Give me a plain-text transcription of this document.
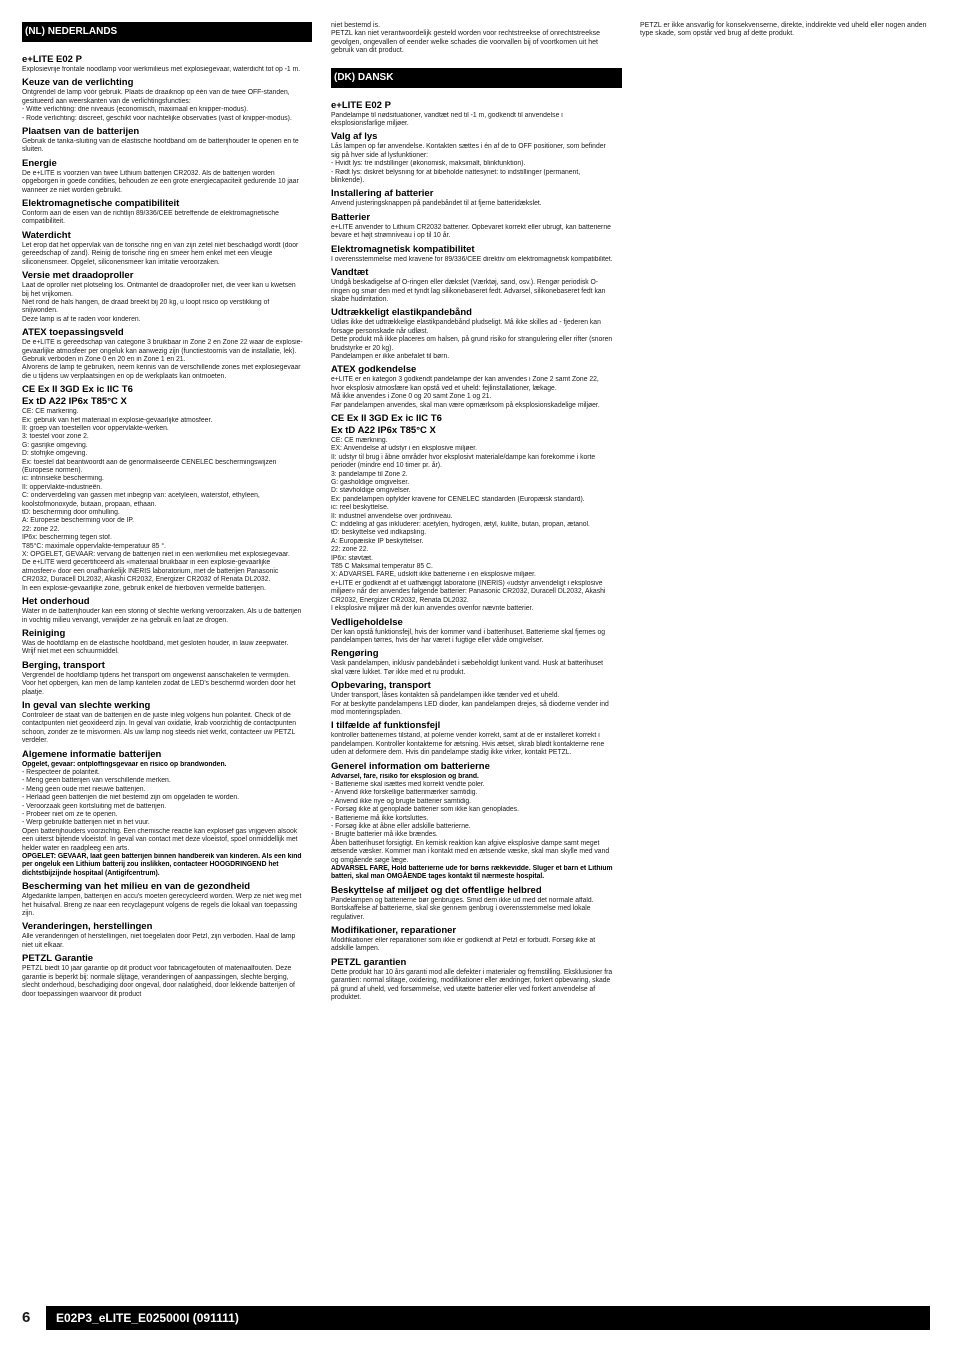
(NL) NEDERLANDS
e+LITE E02 P

Explosievrije frontale noodlamp voor werkmilieus met explosiegevaar, waterdicht tot op -1 m.

Keuze van de verlichting

Ontgrendel de lamp vóór gebruik. Plaats de draaiknop op één van de twee OFF-standen, gesitueerd aan weerskanten van de verlichtingsfuncties:

- Witte verlichting: drie niveaus (economisch, maximaal en knipper-modus).

- Rode verlichting: discreet, geschikt voor nachtelijke observaties (vast of knipper-modus).

Plaatsen van de batterijen

Gebruik de tanka-sluiting van de elastische hoofdband om de batterijhouder te openen en te sluiten.

Energie

De e+LITE is voorzien van twee Lithium batterijen CR2032. Als de batterijen worden opgeborgen in goede condities, behouden ze een grote energiecapaciteit gedurende 10 jaar wanneer ze niet worden gebruikt.

Elektromagnetische compatibiliteit

Conform aan de eisen van de richtlijn 89/336/CEE betreffende de elektromagnetische compatibiliteit.

Waterdicht

Let erop dat het oppervlak van de torische ring en van zijn zetel niet beschadigd wordt (door gereedschap of zand). Reinig de torische ring en smeer hem enkel met een vleugje siliconensmeer. Opgelet, siliconensmeer kan irritatie veroorzaken.

Versie met draadoproller

Laat de oproller niet plotseling los. Ontmantel de draadoproller niet, die veer kan u kwetsen bij het vrijkomen.

Niet rond de hals hangen, de draad breekt bij 20 kg, u loopt risico op verstikking of snijwonden.

Deze lamp is af te raden voor kinderen.

ATEX toepassingsveld

De e+LITE is gereedschap van categorie 3 bruikbaar in Zone 2 en Zone 22 waar de explosie-gevaarlijke atmosfeer per ongeluk kan aanwezig zijn (functiestoornis van de installatie, lek).

Gebruik verboden in Zone 0 en 20 en in Zone 1 en 21.

Alvorens de lamp te gebruiken, neem kennis van de verschillende zones met explosiegevaar die u tijdens uw verplaatsingen en op de werkplaats kan ontmoeten.

CE Ex II 3GD Ex ic IIC T6
Ex tD A22 IP6x T85°C X

CE: CE markering.

Ex: gebruik van het materiaal in explosie-gevaarlijke atmosfeer.

II: groep van toestellen voor oppervlakte-werken.

3: toestel voor zone 2.

G: gasrijke omgeving.

D: stofrijke omgeving.

Ex: toestel dat beantwoordt aan de genormaliseerde CENELEC beschermingswijzen (Europese normen).

ic: intrinsieke bescherming.

II: oppervlakte-industrieën.

C: onderverdeling van gassen met inbegrip van: acetyleen, waterstof, ethyleen, koolstofmonoxyde, butaan, propaan, ethaan.

tD: bescherming door omhulling.

A: Europese bescherming voor de IP.

22: zone 22.

IP6x: bescherming tegen stof.

T85°C: maximale oppervlakte-temperatuur 85 °.

X: OPGELET, GEVAAR: vervang de batterijen niet in een werkmilieu met explosiegevaar.

De e+LITE werd gecertificeerd als «materiaal bruikbaar in een explosie-gevaarlijke atmosfeer» door een onafhankelijk INERIS laboratorium, met de batterijen Panasonic CR2032, Duracell DL2032, Akashi CR2032, Energizer CR2032 of Renata DL2032.

In een explosie-gevaarlijke zone, gebruik enkel de hierboven vermelde batterijen.

Het onderhoud

Water in de batterijhouder kan een storing of slechte werking veroorzaken. Als u de batterijen in vochtig milieu vervangt, verwijder ze na gebruik en laat ze drogen.

Reiniging

Was de hoofdlamp en de elastische hoofdband, met gesloten houder, in lauw zeepwater. Wrijf niet met een schuurmiddel.

Berging, transport

Vergrendel de hoofdlamp tijdens het transport om ongewenst aanschakelen te vermijden.

Voor het opbergen, kan men de lamp kantelen zodat de LED's beschermd worden door het plaatje.

In geval van slechte werking

Controleer de staat van de batterijen en de juiste inleg volgens hun polariteit. Check of de contactpunten niet geoxideerd zijn. In geval van oxidatie, krab voorzichtig de contactpunten schoon, zonder ze te misvormen. Als uw lamp nog steeds niet werkt, contacteer uw PETZL verdeler.

Algemene informatie batterijen

Opgelet, gevaar: ontploffingsgevaar en risico op brandwonden.

- Respecteer de polariteit.

- Meng geen batterijen van verschillende merken.

- Meng geen oude met nieuwe batterijen.

- Herlaad geen batterijen die niet bestemd zijn om opgeladen te worden.

- Veroorzaak geen kortsluiting met de batterijen.

- Probeer niet om ze te openen.

- Werp gebruikte batterijen niet in het vuur.

Open batterijhouders voorzichtig. Een chemische reactie kan explosief gas vrijgeven alsook een uiterst bijtende vloeistof. In geval van contact met deze vloeistof, spoel onmiddellijk met helder water en raadpleeg een arts.

OPGELET: GEVAAR, laat geen batterijen binnen handbereik van kinderen. Als een kind per ongeluk een Lithium batterij zou inslikken, contacteer HOOGDRINGEND het dichtstbijzijnde hospitaal (Antigifcentrum).

Bescherming van het milieu en van de gezondheid

Afgedankte lampen, batterijen en accu's moeten gerecycleerd worden. Werp ze niet weg met het huisafval. Breng ze naar een recyclagepunt volgens de regels die lokaal van toepassing zijn.

Veranderingen, herstellingen

Alle veranderingen of herstellingen, niet toegelaten door Petzl, zijn verboden. Haal de lamp niet uit elkaar.

PETZL Garantie

PETZL biedt 10 jaar garantie op dit product voor fabricagefouten of materiaalfouten. Deze garantie is beperkt bij: normale slijtage, veranderingen of aanpassingen, slechte berging, slecht onderhoud, beschadiging door ongeval, door nalatigheid, door lekkende batterijen of door toepassingen waarvoor dit product

niet bestemd is.
PETZL kan niet verantwoordelijk gesteld worden voor rechtstreekse of onrechtstreekse gevolgen, ongevallen of eender welke schades die voorvallen bij of voortkomen uit het gebruik van dit product.

(DK) DANSK
e+LITE E02 P

Pandelampe til nødsituationer, vandtæt ned til -1 m, godkendt til anvendelse i eksplosionsfarlige miljøer.

Valg af lys

Lås lampen op før anvendelse. Kontakten sættes i én af de to OFF positioner, som befinder sig på hver side af lysfunktioner:

- Hvidt lys: tre indstillinger (økonomisk, maksimalt, blinkfunktion).

- Rødt lys: diskret belysning for at bibeholde nattesynet: to indstillinger (permanent, blinkende).

Installering af batterier

Anvend justeringsknappen på pandebåndet til at fjerne batteridækslet.

Batterier

e+LITE anvender to Lithium CR2032 batterier. Opbevaret korrekt eller ubrugt, kan batterierne bevare et højt strømniveau i op til 10 år.

Elektromagnetisk kompatibilitet

I overensstemmelse med kravene for 89/336/CEE direktiv om elektromagnetisk kompatibilitet.

Vandtæt

Undgå beskadigelse af O-ringen eller dækslet (Værktøj, sand, osv.). Rengør periodisk O-ringen og smør den med et tyndt lag silikonebaseret fedt. Advarsel, silikonebaseret fedt kan skabe hudirritation.

Udtrækkeligt elastikpandebånd

Udløs ikke det udtrækkelige elastikpandebånd pludseligt. Må ikke skilles ad - fjederen kan forsage personskade når udløst.

Dette produkt må ikke placeres om halsen, på grund risiko for strangulering eller rifter (snoren brudstyrke er 20 kg).

Pandelampen er ikke anbefalet til børn.

ATEX godkendelse

e+LITE er en kategori 3 godkendt pandelampe der kan anvendes i Zone 2 samt Zone 22, hvor eksplosiv atmosfære kan opstå ved et uheld: fejlinstallationer, lækage.

Må ikke anvendes i Zone 0 og 20 samt Zone 1 og 21.

Før pandelampen anvendes, skal man være opmærksom på eksplosionskadelige miljøer.

CE Ex II 3GD Ex ic IIC T6
Ex tD A22 IP6x T85°C X

CE: CE mærkning.

EX: Anvendelse af udstyr i en eksplosive miljøer.

II: udstyr til brug i åbne områder hvor eksplosivt materiale/dampe kan forekomme i korte perioder (mindre end 10 timer pr. år).

3: pandelampe til Zone 2.

G: gasholdige omgivelser.

D: støvholdige omgivelser.

Ex: pandelampen opfylder kravene for CENELEC standarden (Europæisk standard).

ic: reel beskyttelse.

II: industriel anvendelse over jordniveau.

C: inddeling af gas inkluderer: acetylen, hydrogen, ætyl, kulilte, butan, propan, ætanol.

tD: beskyttelse ved indkapsling.

A: Europæiske IP beskyttelser.

22: zone 22.

IP6x: støvtæt.

T85 C Maksimal temperatur 85 C.

X: ADVARSEL FARE, udskift ikke batterierne i en eksplosive miljøer.

e+LITE er godkendt af et uafhængigt laboratorie (INERIS) «udstyr anvendeligt i eksplosive miljøer» når der anvendes følgende batterier: Panasonic CR2032, Duracell DL2032, Akashi CR2032, Energizer CR2032, Renata DL2032.

I eksplosive miljøer må der kun anvendes ovenfor nævnte batterier.

Vedligeholdelse

Der kan opstå funktionsfejl, hvis der kommer vand i batterihuset. Batterierne skal fjernes og pandelampen tørres, hvis der har været i fugtige eller våde omgivelser.

Rengøring

Vask pandelampen, inklusiv pandebåndet i sæbeholdigt lunkent vand. Husk at batterihuset skal være lukket. Tør ikke med et ru produkt.

Opbevaring, transport

Under transport, låses kontakten så pandelampen ikke tænder ved et uheld.

For at beskytte pandelampens LED dioder, kan pandelampen drejes, så dioderne vender ind mod monteringspladen.

I tilfælde af funktionsfejl

kontroller batteriernes tilstand, at polerne vender korrekt, samt at de er installeret korrekt i pandelampen. Kontroller kontakterne for ætsning. Hvis ætset, skrab blødt kontakterne rene uden at deformere dem. Hvis din pandelampe stadig ikke virker, kontakt PETZL.

Generel information om batterierne

Advarsel, fare, risiko for eksplosion og brand.

- Batterierne skal isættes med korrekt vendte poler.

- Anvend ikke forskellige batterimærker samtidig.

- Anvend ikke nye og brugte batterier samtidig.

- Forsøg ikke at genoplade batterier som ikke kan genoplades.

- Batterierne må ikke kortsluttes.

- Forsøg ikke at åbne eller adskille batterierne.

- Brugte batterier må ikke brændes.

Åben batterihuset forsigtigt. En kemisk reaktion kan afgive eksplosive dampe samt meget ætsende væsker. Kommer man i kontakt med en ætsende væske, skal man skylle med vand og omgående søge læge.

ADVARSEL FARE, Hold batterierne ude for børns rækkevidde. Sluger et barn et Lithium batteri, skal man OMGÅENDE tages kontakt til nærmeste hospital.

Beskyttelse af miljøet og det offentlige helbred

Pandelampen og batterierne bør genbruges. Smid dem ikke ud med det normale affald. Bortskaffelse af batterierne, skal ske gennem genbrug i overensstemmelse med lokale regulativer.

Modifikationer, reparationer

Modifikationer eller reparationer som ikke er godkendt af Petzl er forbudt. Forsøg ikke at adskille lampen.

PETZL garantien

Dette produkt har 10 års garanti mod alle defekter i materialer og fremstilling. Eksklusioner fra garantien: normal slitage, oxidering, modifikationer eller ændringer, forkert opbevaring, skade på grund af uheld, ved forsømmelse, ved utætte batterier eller ved forkert anvendelse af produktet.

PETZL er ikke ansvarlig for konsekvenserne, direkte, inddirekte ved uheld eller nogen anden type skade, som opstår ved brug af dette produkt.

6	E02P3_eLITE_E025000I (091111)
